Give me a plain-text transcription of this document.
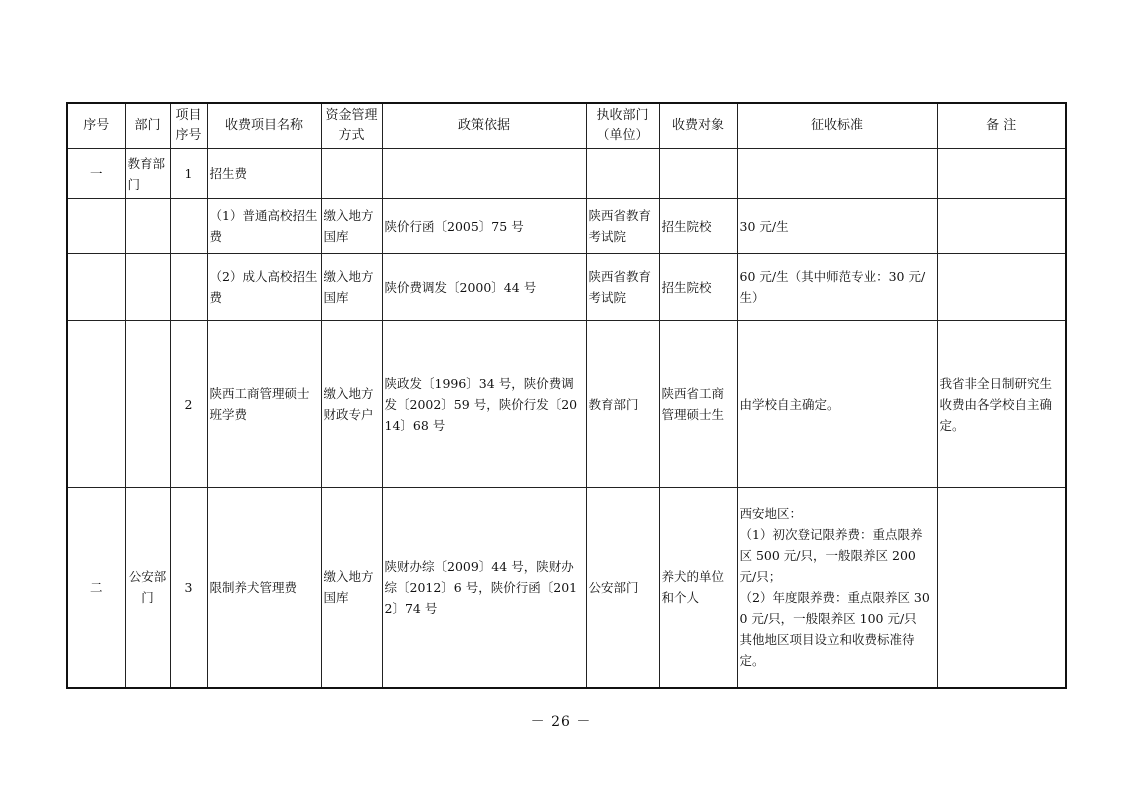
序号	部门	项目序号	收费项目名称	资金管理方式	政策依据	执收部门（单位）	收费对象	征收标准	备 注
一	教育部门	1	招生费						
			（1）普通高校招生费	缴入地方国库	陕价行函〔2005〕75 号	陕西省教育考试院	招生院校	30 元/生	

			（2）成人高校招生费	缴入地方国库	陕价费调发〔2000〕44 号	陕西省教育考试院	招生院校	60 元/生（其中师范专业：30 元/生）	

		2	陕西工商管理硕士班学费	缴入地方财政专户	陕政发〔1996〕34 号，陕价费调发〔2002〕59 号，陕价行发〔2014〕68 号	教育部门	陕西省工商管理硕士生	由学校自主确定。	我省非全日制研究生收费由各学校自主确定。
二	公安部门	3	限制养犬管理费	缴入地方国库	陕财办综〔2009〕44 号，陕财办综〔2012〕6 号，陕价行函〔2012〕74 号	公安部门	养犬的单位和个人	西安地区：
（1）初次登记限养费：重点限养区 500 元/只，一般限养区 200 元/只；
（2）年度限养费：重点限养区 300 元/只，一般限养区 100 元/只
其他地区项目设立和收费标准待定。	

－ 26 －
